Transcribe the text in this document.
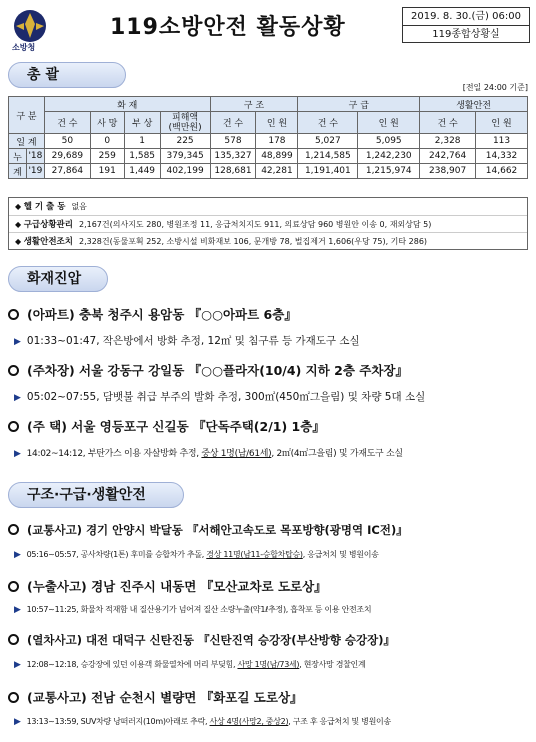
소방청
119소방안전 활동상황	2019. 8. 30.(금) 06:00
119종합상황실
총 괄
[전일 24:00 기준]
구 분		화 재				구 조		구 급		생활안전	
		건 수	사 망	부 상	피해액
(백만원)	건 수	인 원	건 수	인 원	건 수	인 원
일 계		50	0	1	225	578	178	5,027	5,095	2,328	113
누	'18	29,689	259	1,585	379,345	135,327	48,899	1,214,585	1,242,230	242,764	14,332
계	'19	27,864	191	1,449	402,199	128,681	42,281	1,191,401	1,215,974	238,907	14,662
◆ 헬 기 출 동 없음
◆ 구급상황관리 2,167건(의사지도 280, 병원조정 11, 응급처치지도 911, 의료상담 960 병원안 이송 0, 재외상담 5)
◆ 생활안전조치 2,328건(동물포획 252, 소방시설 비화재보 106, 문개방 78, 벌집제거 1,606(우당 75), 기타 286)
화재진압
(아파트) 충북 청주시 용암동 『○○아파트 6층』
▶ 01:33~01:47, 작은방에서 방화 추정, 12㎡ 및 침구류 등 가재도구 소실
(주차장) 서울 강동구 강일동 『○○플라자(10/4) 지하 2층 주차장』
▶ 05:02~07:55, 담뱃불 취급 부주의 발화 추정, 300㎡(450㎡그을림) 및 차량 5대 소실
(주 택) 서울 영등포구 신길동 『단독주택(2/1) 1층』
▶ 14:02~14:12, 부탄가스 이용 자살방화 추정, 중상 1명(남/61세), 2㎡(4㎡그을림) 및 가재도구 소실
구조·구급·생활안전
(교통사고) 경기 안양시 박달동 『서해안고속도로 목포방향(광명역 IC전)』
▶ 05:16~05:57, 공사차량(1톤) 후미를 승합차가 추돌, 경상 11명(남11-승합차탑승), 응급처치 및 병원이송
(누출사고) 경남 진주시 내동면 『모산교차로 도로상』
▶ 10:57~11:25, 화물차 적재함 내 질산용기가 넘어져 질산 소량누출(약1ℓ추정), 흡착포 등 이용 안전조치
(열차사고) 대전 대덕구 신탄진동 『신탄진역 승강장(부산방향 승강장)』
▶ 12:08~12:18, 승강장에 있던 이용객 화물열차에 머리 부딪힘, 사망 1명(남/73세), 현장사망 경찰인계
(교통사고) 전남 순천시 별량면 『화포길 도로상』
▶ 13:13~13:59, SUV차량 낭떠러지(10m)아래로 추락, 사상 4명(사망2, 중상2), 구조 후 응급처치 및 병원이송
